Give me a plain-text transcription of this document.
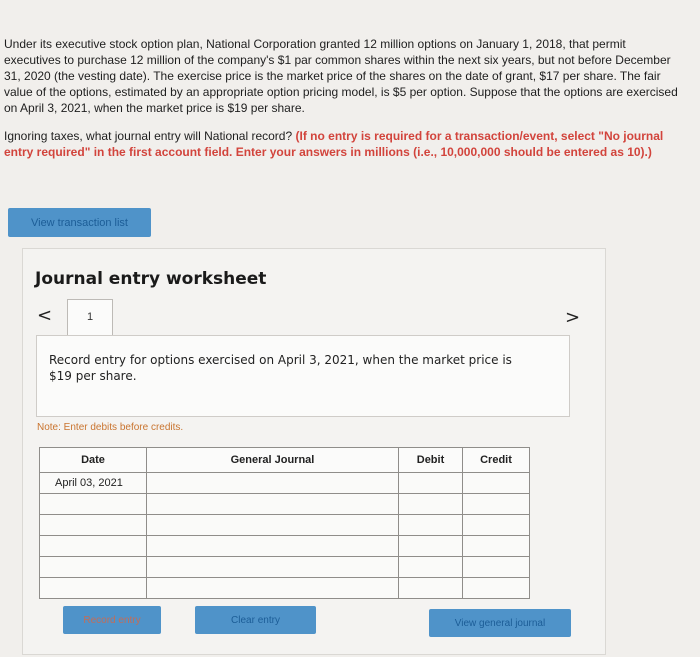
Under its executive stock option plan, National Corporation granted 12 million options on January 1, 2018, that permit executives to purchase 12 million of the company's $1 par common shares within the next six years, but not before December 31, 2020 (the vesting date). The exercise price is the market price of the shares on the date of grant, $17 per share. The fair value of the options, estimated by an appropriate option pricing model, is $5 per option. Suppose that the options are exercised on April 3, 2021, when the market price is $19 per share.

Ignoring taxes, what journal entry will National record? (If no entry is required for a transaction/event, select "No journal entry required" in the first account field. Enter your answers in millions (i.e., 10,000,000 should be entered as 10).)

View transaction list
Journal entry worksheet
<	1	>
Record entry for options exercised on April 3, 2021, when the market price is $19 per share.
Note: Enter debits before credits.
Date	General Journal	Debit	Credit
April 03, 2021			

Record entry	Clear entry	View general journal
